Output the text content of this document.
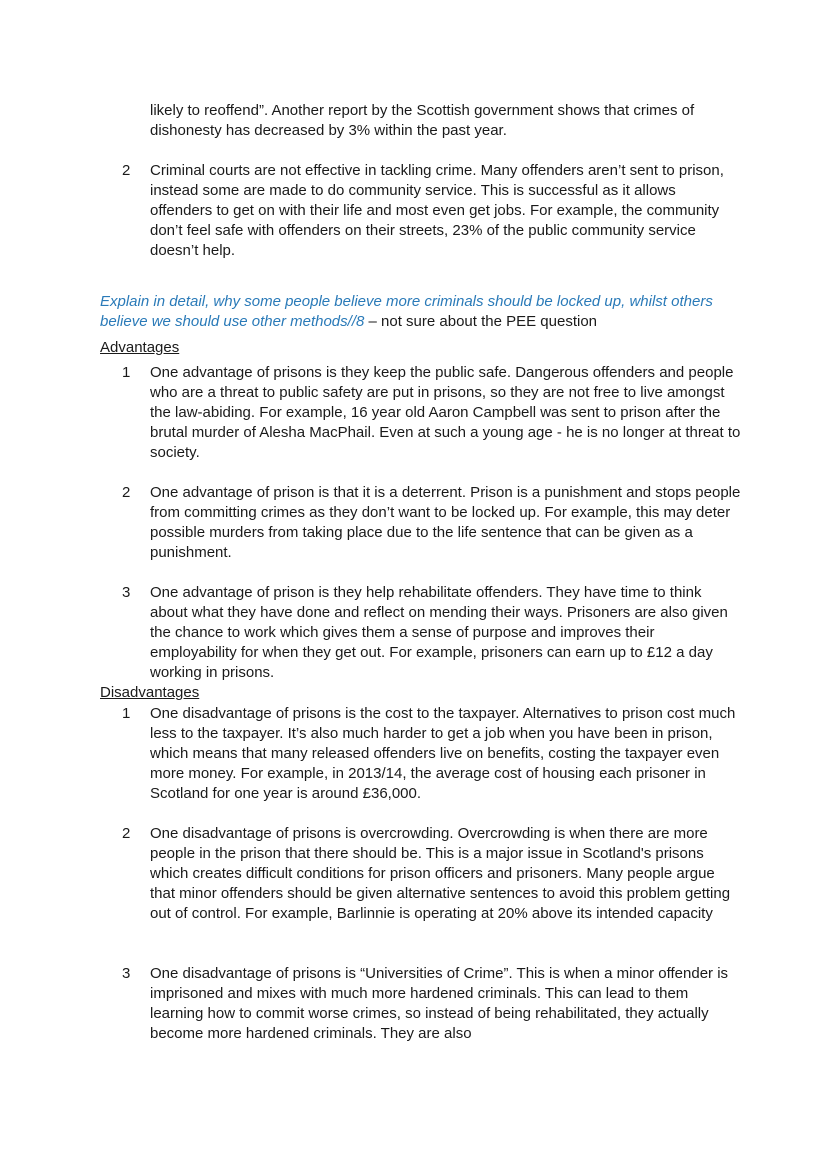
likely to reoffend”. Another report by the Scottish government shows that crimes of dishonesty has decreased by 3% within the past year.
2	Criminal courts are not effective in tackling crime. Many offenders aren’t sent to prison, instead some are made to do community service. This is successful as it allows offenders to get on with their life and most even get jobs. For example, the community don’t feel safe with offenders on their streets, 23% of the public community service doesn’t help.
Explain in detail, why some people believe more criminals should be locked up, whilst others believe we should use other methods//8 – not sure about the PEE question
Advantages
1	One advantage of prisons is they keep the public safe. Dangerous offenders and people who are a threat to public safety are put in prisons, so they are not free to live amongst the law-abiding. For example, 16 year old Aaron Campbell was sent to prison after the brutal murder of Alesha MacPhail. Even at such a young age - he is no longer at threat to society.
2	One advantage of prison is that it is a deterrent. Prison is a punishment and stops people from committing crimes as they don’t want to be locked up. For example, this may deter possible murders from taking place due to the life sentence that can be given as a punishment.
3	One advantage of prison is they help rehabilitate offenders. They have time to think about what they have done and reflect on mending their ways. Prisoners are also given the chance to work which gives them a sense of purpose and improves their employability for when they get out. For example, prisoners can earn up to £12 a day working in prisons.
Disadvantages
1	One disadvantage of prisons is the cost to the taxpayer. Alternatives to prison cost much less to the taxpayer. It’s also much harder to get a job when you have been in prison, which means that many released offenders live on benefits, costing the taxpayer even more money. For example, in 2013/14, the average cost of housing each prisoner in Scotland for one year is around £36,000.
2	One disadvantage of prisons is overcrowding. Overcrowding is when there are more people in the prison that there should be. This is a major issue in Scotland's prisons which creates difficult conditions for prison officers and prisoners. Many people argue that minor offenders should be given alternative sentences to avoid this problem getting out of control. For example, Barlinnie is operating at 20% above its intended capacity
3	One disadvantage of prisons is “Universities of Crime”. This is when a minor offender is imprisoned and mixes with much more hardened criminals. This can lead to them learning how to commit worse crimes, so instead of being rehabilitated, they actually become more hardened criminals. They are also
